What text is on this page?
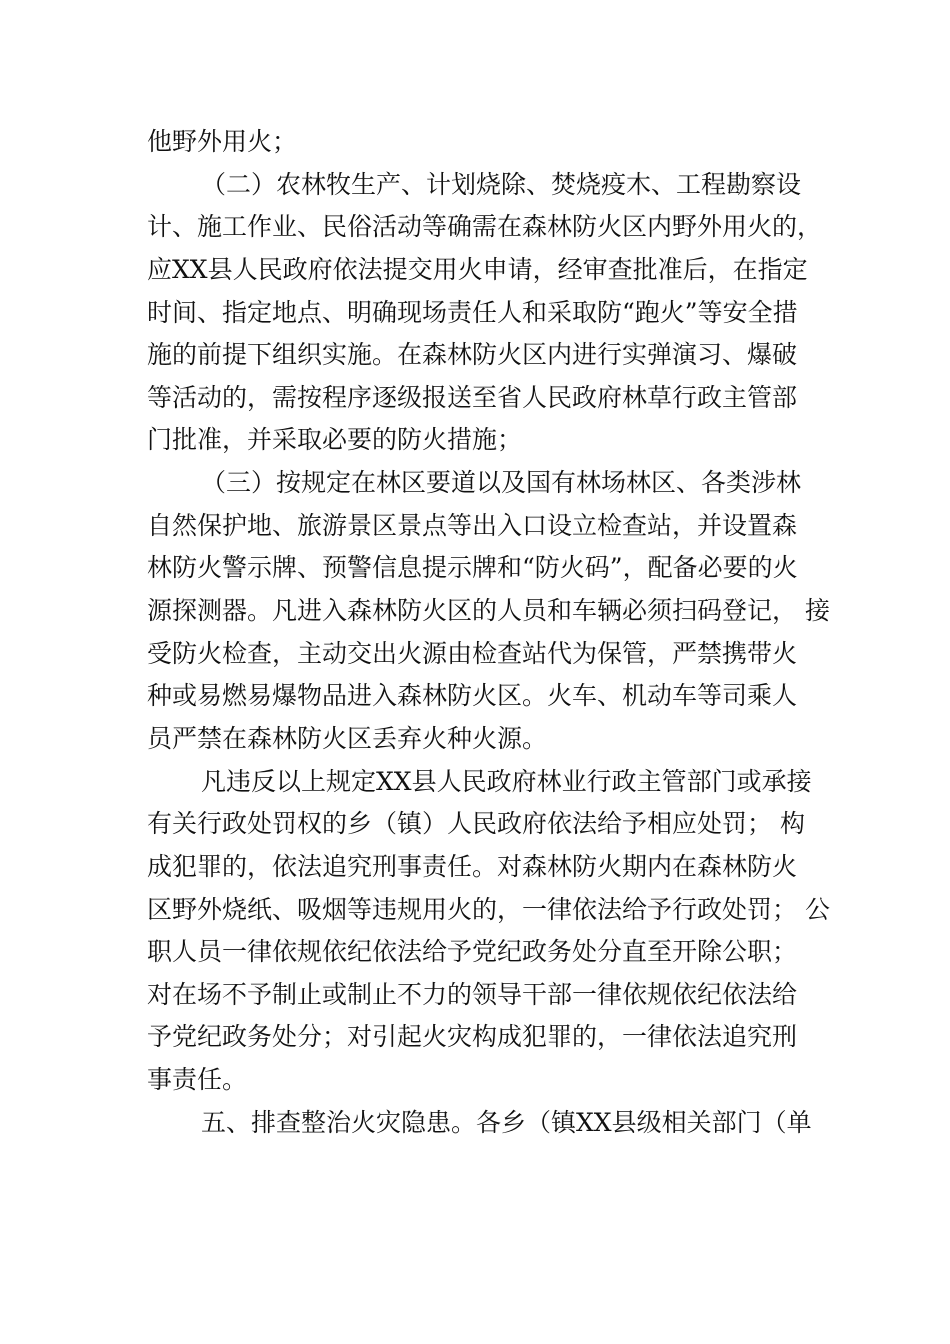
他野外用火；
（二）农林牧生产、计划烧除、焚烧疫木、工程勘察设
计、施工作业、民俗活动等确需在森林防火区内野外用火的，
应XX县人民政府依法提交用火申请，经审查批准后，在指定
时间、指定地点、明确现场责任人和采取防“跑火”等安全措
施的前提下组织实施。在森林防火区内进行实弹演习、爆破
等活动的，需按程序逐级报送至省人民政府林草行政主管部
门批准，并采取必要的防火措施；
（三）按规定在林区要道以及国有林场林区、各类涉林
自然保护地、旅游景区景点等出入口设立检查站，并设置森
林防火警示牌、预警信息提示牌和“防火码”，配备必要的火
源探测器。凡进入森林防火区的人员和车辆必须扫码登记， 接
受防火检查，主动交出火源由检查站代为保管，严禁携带火
种或易燃易爆物品进入森林防火区。火车、机动车等司乘人
员严禁在森林防火区丢弃火种火源。
凡违反以上规定XX县人民政府林业行政主管部门或承接
有关行政处罚权的乡（镇）人民政府依法给予相应处罚； 构
成犯罪的，依法追究刑事责任。对森林防火期内在森林防火
区野外烧纸、吸烟等违规用火的，一律依法给予行政处罚； 公
职人员一律依规依纪依法给予党纪政务处分直至开除公职；
对在场不予制止或制止不力的领导干部一律依规依纪依法给
予党纪政务处分；对引起火灾构成犯罪的，一律依法追究刑
事责任。
五、排查整治火灾隐患。各乡（镇XX县级相关部门（单
